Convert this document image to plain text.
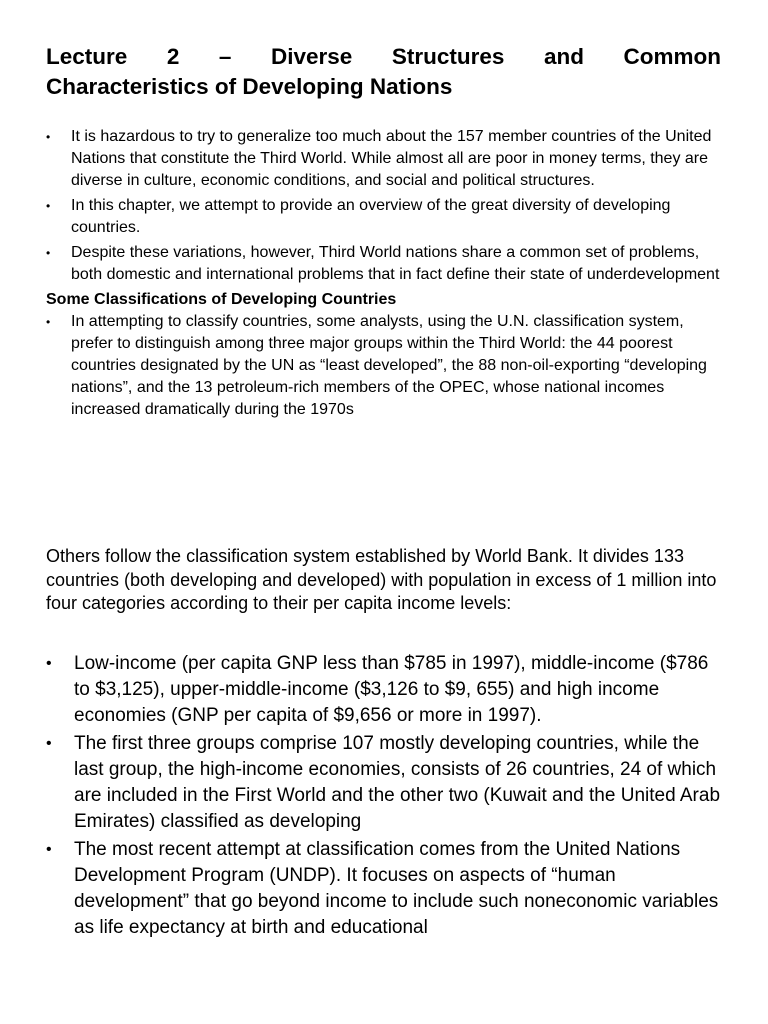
Lecture 2 – Diverse Structures and Common
Characteristics of Developing Nations
• It is hazardous to try to generalize too much about the 157 member countries of the United Nations that constitute the Third World. While almost all are poor in money terms, they are diverse in culture, economic conditions, and social and political structures.
• In this chapter, we attempt to provide an overview of the great diversity of developing countries.
• Despite these variations, however, Third World nations share a common set of problems, both domestic and international problems that in fact define their state of underdevelopment

Some Classifications of Developing Countries

• In attempting to classify countries, some analysts, using the U.N. classification system, prefer to distinguish among three major groups within the Third World: the 44 poorest countries designated by the UN as “least developed”, the 88 non-oil-exporting “developing nations”, and the 13 petroleum-rich members of the OPEC, whose national incomes increased dramatically during the 1970s

Others follow the classification system established by World Bank. It divides 133 countries (both developing and developed) with population in excess of 1 million into four categories according to their per capita income levels:

• Low-income (per capita GNP less than $785 in 1997), middle-income ($786 to $3,125), upper-middle-income ($3,126 to $9, 655) and high income economies (GNP per capita of $9,656 or more in 1997).
• The first three groups comprise 107 mostly developing countries, while the last group, the high-income economies, consists of 26 countries, 24 of which are included in the First World and the other two (Kuwait and the United Arab Emirates) classified as developing
• The most recent attempt at classification comes from the United Nations Development Program (UNDP). It focuses on aspects of “human development” that go beyond income to include such noneconomic variables as life expectancy at birth and educational
